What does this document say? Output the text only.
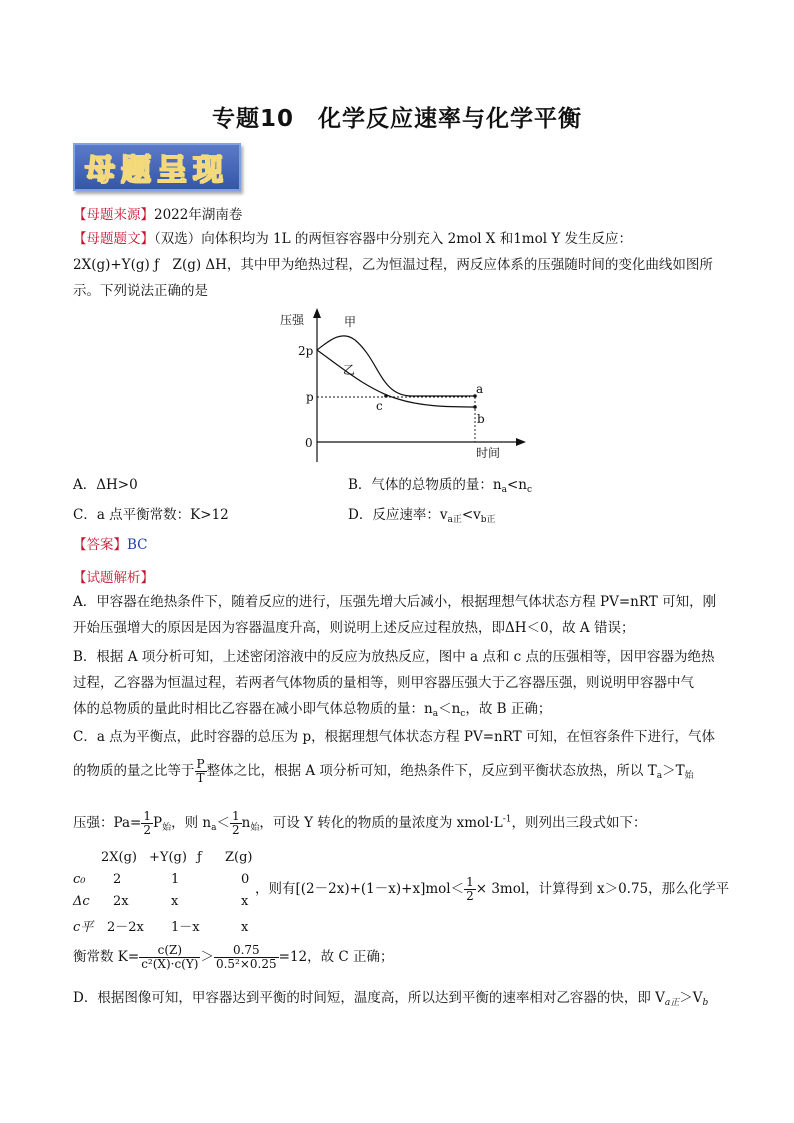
专题10　化学反应速率与化学平衡
母题呈现
【母题来源】2022年湖南卷
【母题题文】（双选）向体积均为 1L 的两恒容容器中分别充入 2mol X 和1mol Y 发生反应：
2X(g)+Y(g) ƒ　Z(g) ΔH，其中甲为绝热过程，乙为恒温过程，两反应体系的压强随时间的变化曲线如图所
示。下列说法正确的是
压强
时间
0
p
2p
甲
乙
a
b
c
A．ΔH>0	B．气体的总物质的量：$n_a<n_c$
C．a 点平衡常数：K>12	D．反应速率：$v_{a正}<v_{b正}$
【答案】BC
【试题解析】
A．甲容器在绝热条件下，随着反应的进行，压强先增大后减小，根据理想气体状态方程 PV=nRT 可知，刚
开始压强增大的原因是因为容器温度升高，则说明上述反应过程放热，即ΔH＜0，故 A 错误；
B．根据 A 项分析可知，上述密闭溶液中的反应为放热反应，图中 a 点和 c 点的压强相等，因甲容器为绝热
过程，乙容器为恒温过程，若两者气体物质的量相等，则甲容器压强大于乙容器压强，则说明甲容器中气
体的总物质的量此时相比乙容器在减小即气体总物质的量：$n_a<n_c$，故 B 正确；
C．a 点为平衡点，此时容器的总压为 p，根据理想气体状态方程 PV=nRT 可知，在恒容条件下进行，气体
的物质的量之比等于 $\frac{P}{T}$ 整体之比，根据 A 项分析可知，绝热条件下，反应到平衡状态放热，所以 $T_a>T_始$
压强：$Pa= \frac{1}{2} P_始$，则 $n_a< \frac{1}{2} n_始$，可设 Y 转化的物质的量浓度为 $xmol\cdot L^{-1}$，则列出三段式如下：
2X(g) +Y(g) ƒ Z(g)
c₀ 2	1	0
Δc 2x	x	x
c平 2－2x 1－x	x
，则有$[(2-2x)+(1-x)+x]mol< \frac{1}{2} \times 3mol$，计算得到 x＞0.75，那么化学平
衡常数 $K= \frac{c(Z)}{\text{c²(X)·c(Y)}} > \frac{0.75}{\text{0.5²×0.25}} =12$，故 C 正确；
D．根据图像可知，甲容器达到平衡的时间短，温度高，所以达到平衡的速率相对乙容器的快，即 $V_{a正}>V_b$
